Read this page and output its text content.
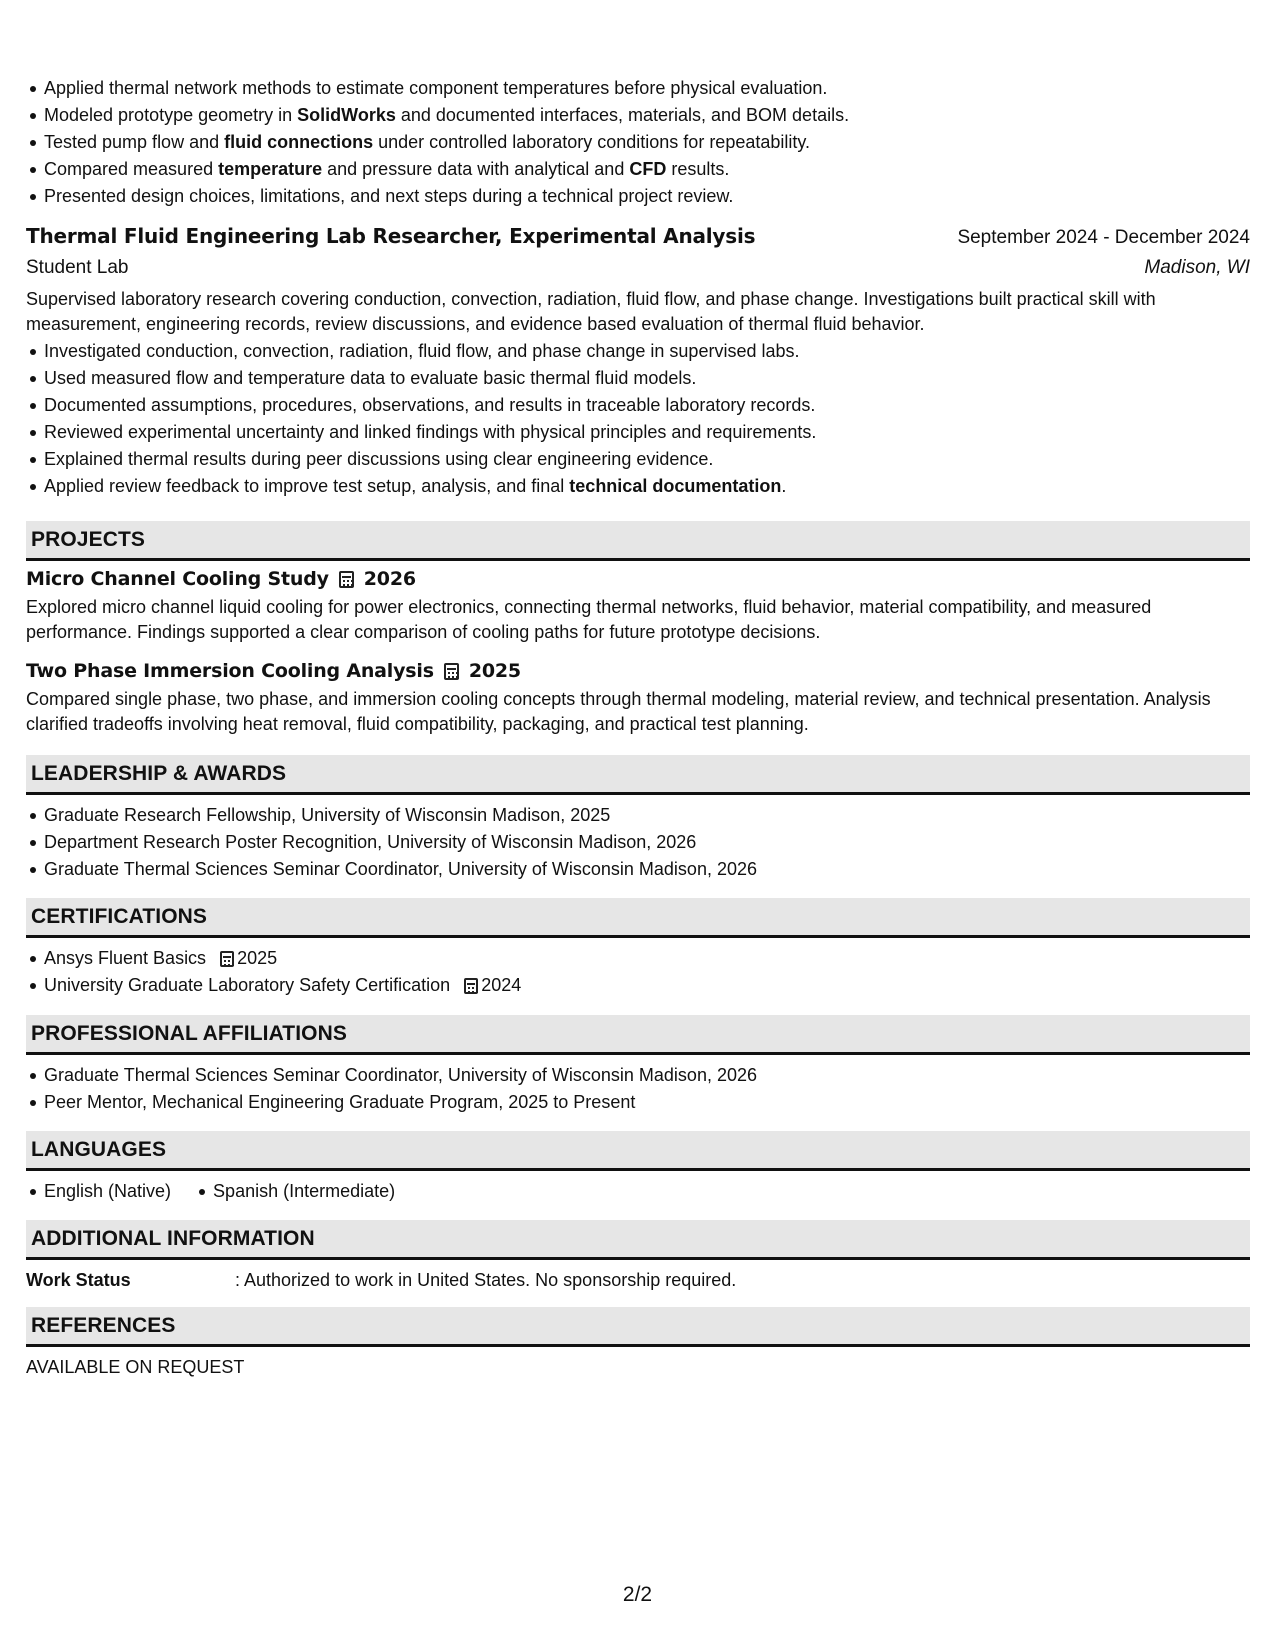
Applied thermal network methods to estimate component temperatures before physical evaluation.
Modeled prototype geometry in SolidWorks and documented interfaces, materials, and BOM details.
Tested pump flow and fluid connections under controlled laboratory conditions for repeatability.
Compared measured temperature and pressure data with analytical and CFD results.
Presented design choices, limitations, and next steps during a technical project review.
Thermal Fluid Engineering Lab Researcher, Experimental Analysis	September 2024 - December 2024
Student Lab	Madison, WI

Supervised laboratory research covering conduction, convection, radiation, fluid flow, and phase change. Investigations built practical skill with measurement, engineering records, review discussions, and evidence based evaluation of thermal fluid behavior.

Investigated conduction, convection, radiation, fluid flow, and phase change in supervised labs.
Used measured flow and temperature data to evaluate basic thermal fluid models.
Documented assumptions, procedures, observations, and results in traceable laboratory records.
Reviewed experimental uncertainty and linked findings with physical principles and requirements.
Explained thermal results during peer discussions using clear engineering evidence.
Applied review feedback to improve test setup, analysis, and final technical documentation.
PROJECTS
Micro Channel Cooling Study 2026

Explored micro channel liquid cooling for power electronics, connecting thermal networks, fluid behavior, material compatibility, and measured performance. Findings supported a clear comparison of cooling paths for future prototype decisions.

Two Phase Immersion Cooling Analysis 2025

Compared single phase, two phase, and immersion cooling concepts through thermal modeling, material review, and technical presentation. Analysis clarified tradeoffs involving heat removal, fluid compatibility, packaging, and practical test planning.

LEADERSHIP & AWARDS
Graduate Research Fellowship, University of Wisconsin Madison, 2025
Department Research Poster Recognition, University of Wisconsin Madison, 2026
Graduate Thermal Sciences Seminar Coordinator, University of Wisconsin Madison, 2026
CERTIFICATIONS
Ansys Fluent Basics 2025
University Graduate Laboratory Safety Certification 2024
PROFESSIONAL AFFILIATIONS
Graduate Thermal Sciences Seminar Coordinator, University of Wisconsin Madison, 2026
Peer Mentor, Mechanical Engineering Graduate Program, 2025 to Present
LANGUAGES
English (Native)	Spanish (Intermediate)
ADDITIONAL INFORMATION
Work Status	: Authorized to work in United States. No sponsorship required.
REFERENCES
AVAILABLE ON REQUEST
2/2
